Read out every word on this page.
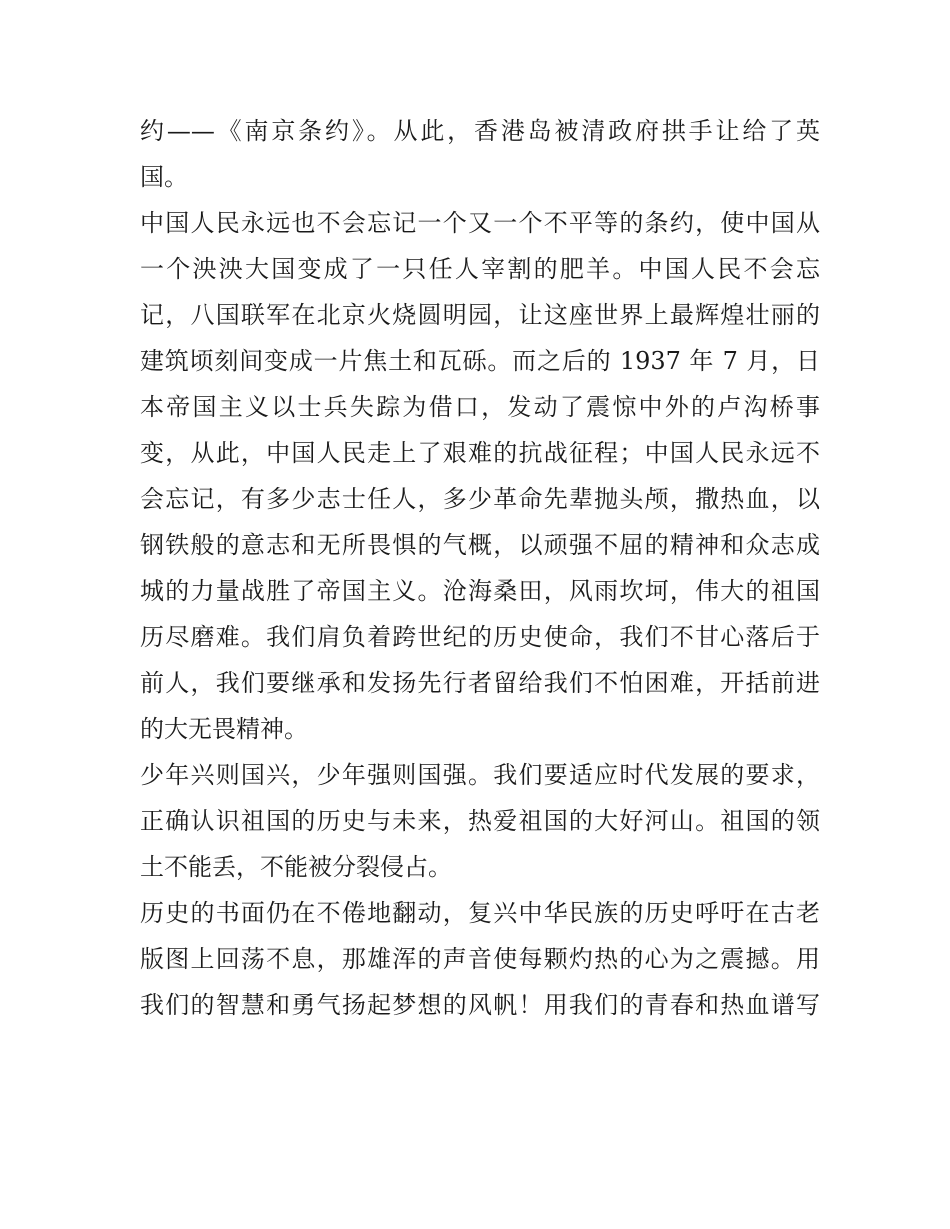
约——《南京条约》。从此，香港岛被清政府拱手让给了英
国。
中国人民永远也不会忘记一个又一个不平等的条约，使中国从
一个泱泱大国变成了一只任人宰割的肥羊。中国人民不会忘
记，八国联军在北京火烧圆明园，让这座世界上最辉煌壮丽的
建筑顷刻间变成一片焦土和瓦砾。而之后的 1937 年 7 月，日
本帝国主义以士兵失踪为借口，发动了震惊中外的卢沟桥事
变，从此，中国人民走上了艰难的抗战征程；中国人民永远不
会忘记，有多少志士任人，多少革命先辈抛头颅，撒热血，以
钢铁般的意志和无所畏惧的气概，以顽强不屈的精神和众志成
城的力量战胜了帝国主义。沧海桑田，风雨坎坷，伟大的祖国
历尽磨难。我们肩负着跨世纪的历史使命，我们不甘心落后于
前人，我们要继承和发扬先行者留给我们不怕困难，开括前进
的大无畏精神。
少年兴则国兴，少年强则国强。我们要适应时代发展的要求，
正确认识祖国的历史与未来，热爱祖国的大好河山。祖国的领
土不能丢，不能被分裂侵占。
历史的书面仍在不倦地翻动，复兴中华民族的历史呼吁在古老
版图上回荡不息，那雄浑的声音使每颗灼热的心为之震撼。用
我们的智慧和勇气扬起梦想的风帆！用我们的青春和热血谱写
